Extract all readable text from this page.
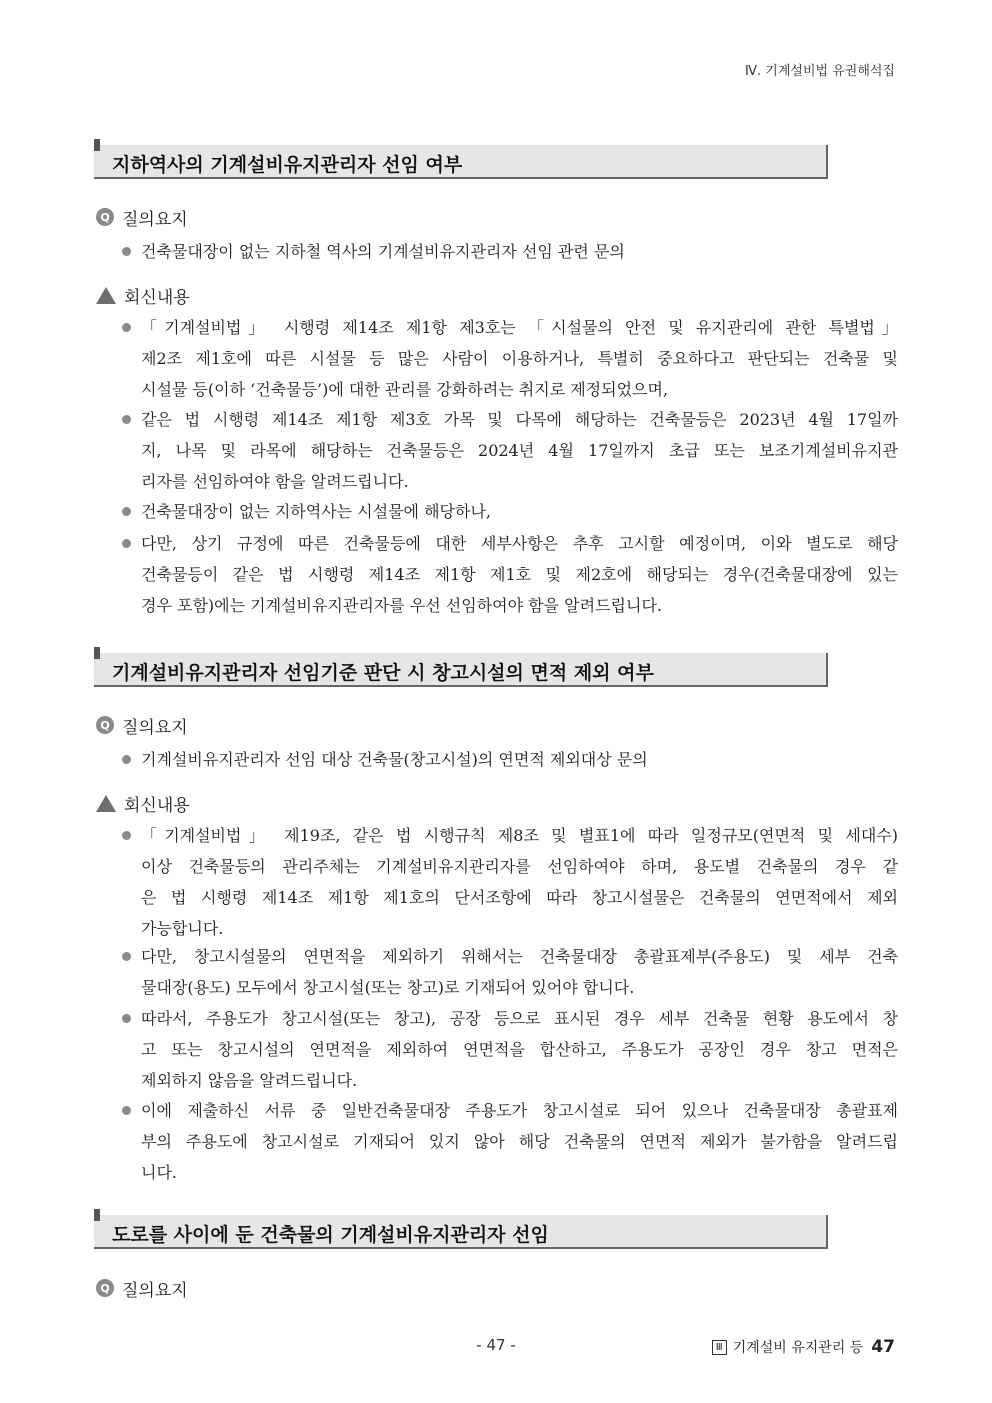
Ⅳ. 기계설비법 유권해석집
지하역사의 기계설비유지관리자 선임 여부
Q 질의요지
건축물대장이 없는 지하철 역사의 기계설비유지관리자 선임 관련 문의
회신내용
「기계설비법」 시행령 제14조 제1항 제3호는 「시설물의 안전 및 유지관리에 관한 특별법」
제2조 제1호에 따른 시설물 등 많은 사람이 이용하거나, 특별히 중요하다고 판단되는 건축물 및
시설물 등(이하 ‘건축물등’)에 대한 관리를 강화하려는 취지로 제정되었으며,
같은 법 시행령 제14조 제1항 제3호 가목 및 다목에 해당하는 건축물등은 2023년 4월 17일까
지, 나목 및 라목에 해당하는 건축물등은 2024년 4월 17일까지 초급 또는 보조기계설비유지관
리자를 선임하여야 함을 알려드립니다.
건축물대장이 없는 지하역사는 시설물에 해당하나,
다만, 상기 규정에 따른 건축물등에 대한 세부사항은 추후 고시할 예정이며, 이와 별도로 해당
건축물등이 같은 법 시행령 제14조 제1항 제1호 및 제2호에 해당되는 경우(건축물대장에 있는
경우 포함)에는 기계설비유지관리자를 우선 선임하여야 함을 알려드립니다.
기계설비유지관리자 선임기준 판단 시 창고시설의 면적 제외 여부
Q 질의요지
기계설비유지관리자 선임 대상 건축물(창고시설)의 연면적 제외대상 문의
회신내용
「기계설비법」 제19조, 같은 법 시행규칙 제8조 및 별표1에 따라 일정규모(연면적 및 세대수)
이상 건축물등의 관리주체는 기계설비유지관리자를 선임하여야 하며, 용도별 건축물의 경우 같
은 법 시행령 제14조 제1항 제1호의 단서조항에 따라 창고시설물은 건축물의 연면적에서 제외
가능합니다.
다만, 창고시설물의 연면적을 제외하기 위해서는 건축물대장 총괄표제부(주용도) 및 세부 건축
물대장(용도) 모두에서 창고시설(또는 창고)로 기재되어 있어야 합니다.
따라서, 주용도가 창고시설(또는 창고), 공장 등으로 표시된 경우 세부 건축물 현황 용도에서 창
고 또는 창고시설의 연면적을 제외하여 연면적을 합산하고, 주용도가 공장인 경우 창고 면적은
제외하지 않음을 알려드립니다.
이에 제출하신 서류 중 일반건축물대장 주용도가 창고시설로 되어 있으나 건축물대장 총괄표제
부의 주용도에 창고시설로 기재되어 있지 않아 해당 건축물의 연면적 제외가 불가함을 알려드립
니다.
도로를 사이에 둔 건축물의 기계설비유지관리자 선임
Q 질의요지
- 47 -	Ⅲ 기계설비 유지관리 등 47
